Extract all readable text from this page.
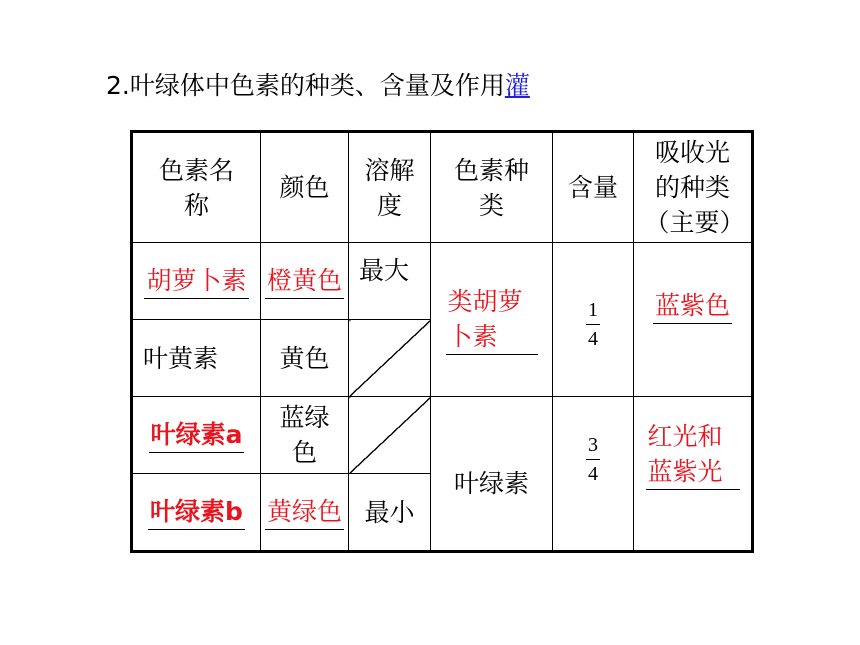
2.叶绿体中色素的种类、含量及作用灌
色素名称	颜色	溶解度	色素种类	含量	吸收光的种类（主要）

胡萝卜素	橙黄色	最大	类胡萝卜素	$\frac{1}{4}$	蓝紫色
叶黄素	黄色				
叶绿素a	蓝绿色		叶绿素	$\frac{3}{4}$	红光和蓝紫光
叶绿素b	黄绿色	最小			
